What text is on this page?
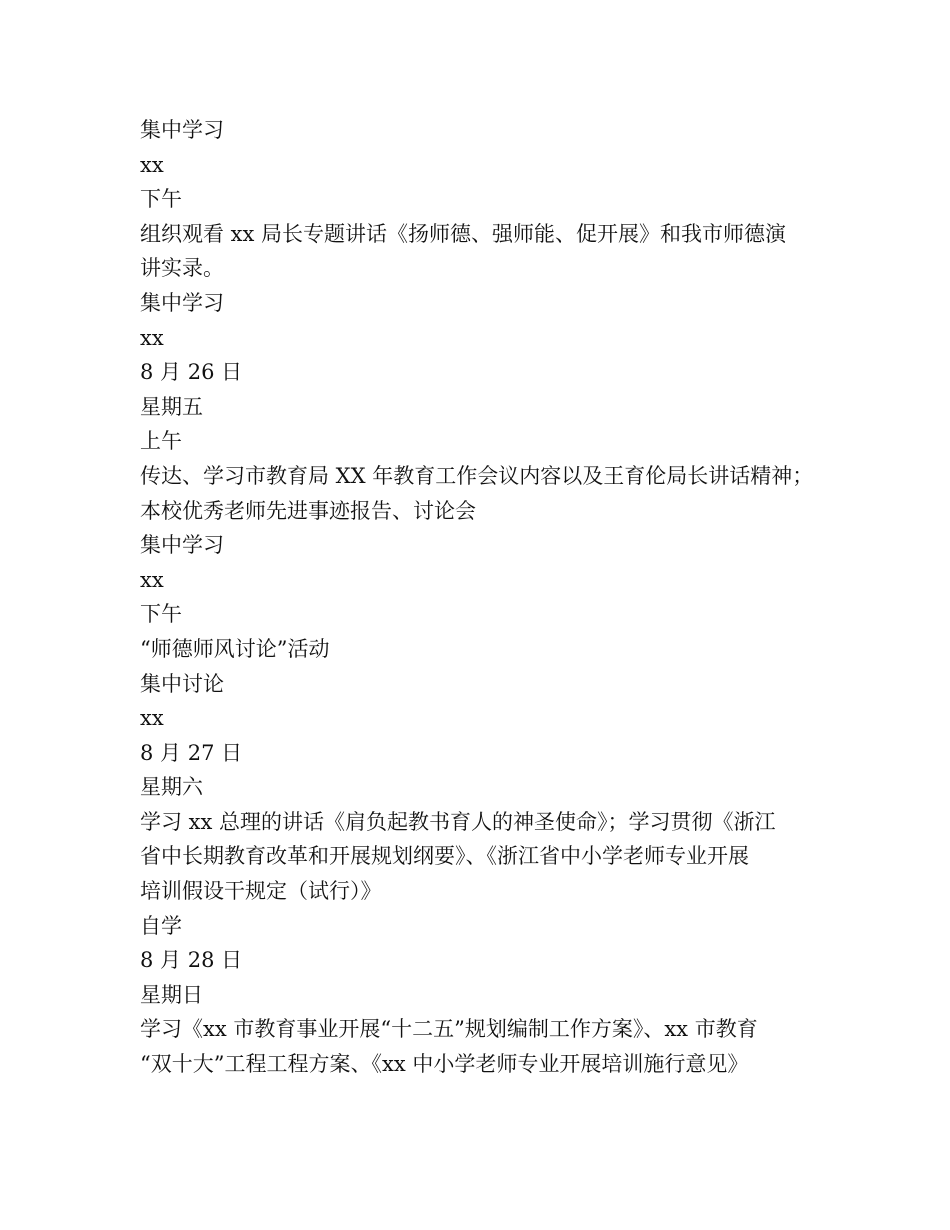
集中学习

xx

下午

组织观看 xx 局长专题讲话《扬师德、强师能、促开展》和我市师德演

讲实录。

集中学习

xx

8 月 26 日

星期五

上午

传达、学习市教育局 XX 年教育工作会议内容以及王育伦局长讲话精神；

本校优秀老师先进事迹报告、讨论会

集中学习

xx

下午

“师德师风讨论”活动

集中讨论

xx

8 月 27 日

星期六

学习 xx 总理的讲话《肩负起教书育人的神圣使命》；学习贯彻《浙江

省中长期教育改革和开展规划纲要》、《浙江省中小学老师专业开展

培训假设干规定（试行）》

自学

8 月 28 日

星期日

学习《xx 市教育事业开展“十二五”规划编制工作方案》、xx 市教育

“双十大”工程工程方案、《xx 中小学老师专业开展培训施行意见》
